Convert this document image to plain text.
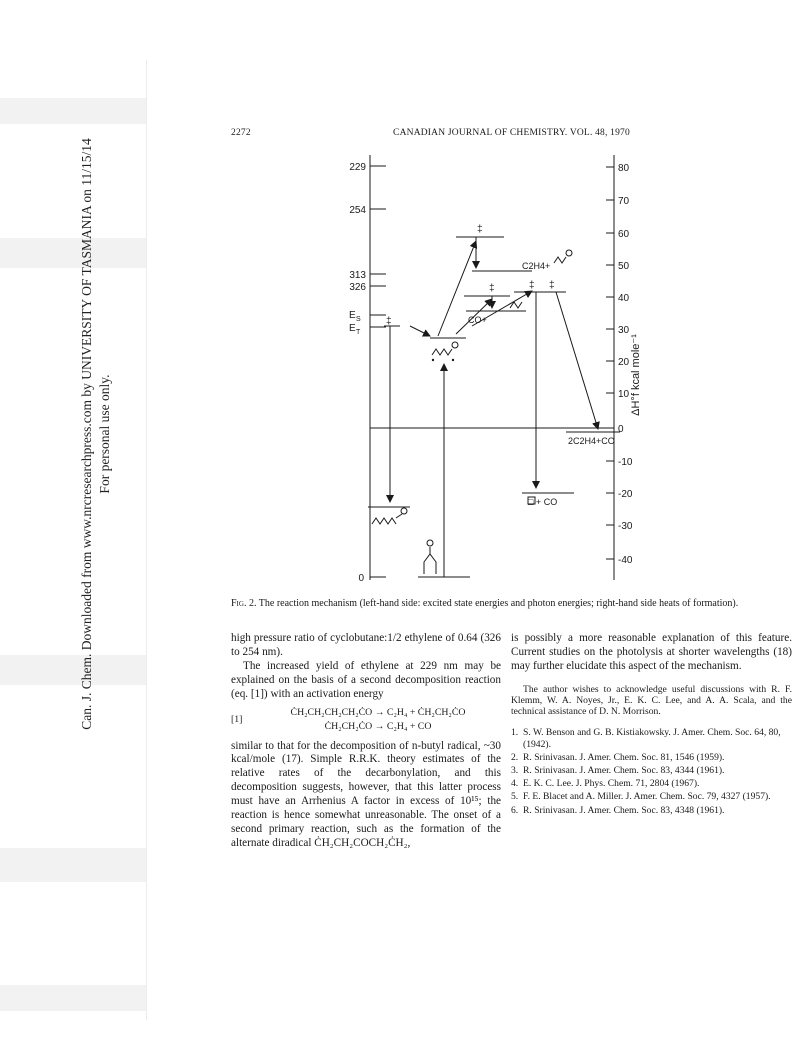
Can. J. Chem. Downloaded from www.nrcresearchpress.com by UNIVERSITY OF TASMANIA on 11/15/14 For personal use only.
2272	CANADIAN JOURNAL OF CHEMISTRY. VOL. 48, 1970
229
254
313
326
E S
E T
0
80
70
60
50
40
30
20
10
0
-10
-20
-30
-40
ΔH°f kcal mole⁻¹
‡
‡
‡	‡ ‡
C2H4+
CO+
2C2H4+CO
□ + CO
Fig. 2. The reaction mechanism (left-hand side: excited state energies and photon energies; right-hand side heats of formation).

high pressure ratio of cyclobutane:1/2 ethylene of 0.64 (326 to 254 nm).

The increased yield of ethylene at 229 nm may be explained on the basis of a second decomposition reaction (eq. [1]) with an activation energy

[1]
ĊH₂CH₂CH₂CH₂ĊO → C₂H₄ + ĊH₂CH₂ĊO
ĊH₂CH₂ĊO → C₂H₄ + CO

similar to that for the decomposition of n-butyl radical, ~30 kcal/mole (17). Simple R.R.K. theory estimates of the relative rates of the decarbonylation, and this decomposition suggests, however, that this latter process must have an Arrhenius A factor in excess of 10¹⁵; the reaction is hence somewhat unreasonable. The onset of a second primary reaction, such as the formation of the alternate diradical ĊH₂CH₂COCH₂ĊH₂,

is possibly a more reasonable explanation of this feature. Current studies on the photolysis at shorter wavelengths (18) may further elucidate this aspect of the mechanism.

The author wishes to acknowledge useful discussions with R. F. Klemm, W. A. Noyes, Jr., E. K. C. Lee, and A. A. Scala, and the technical assistance of D. N. Morrison.

1. S. W. Benson and G. B. Kistiakowsky. J. Amer. Chem. Soc. 64, 80, (1942).
2. R. Srinivasan. J. Amer. Chem. Soc. 81, 1546 (1959).
3. R. Srinivasan. J. Amer. Chem. Soc. 83, 4344 (1961).
4. E. K. C. Lee. J. Phys. Chem. 71, 2804 (1967).
5. F. E. Blacet and A. Miller. J. Amer. Chem. Soc. 79, 4327 (1957).
6. R. Srinivasan. J. Amer. Chem. Soc. 83, 4348 (1961).
